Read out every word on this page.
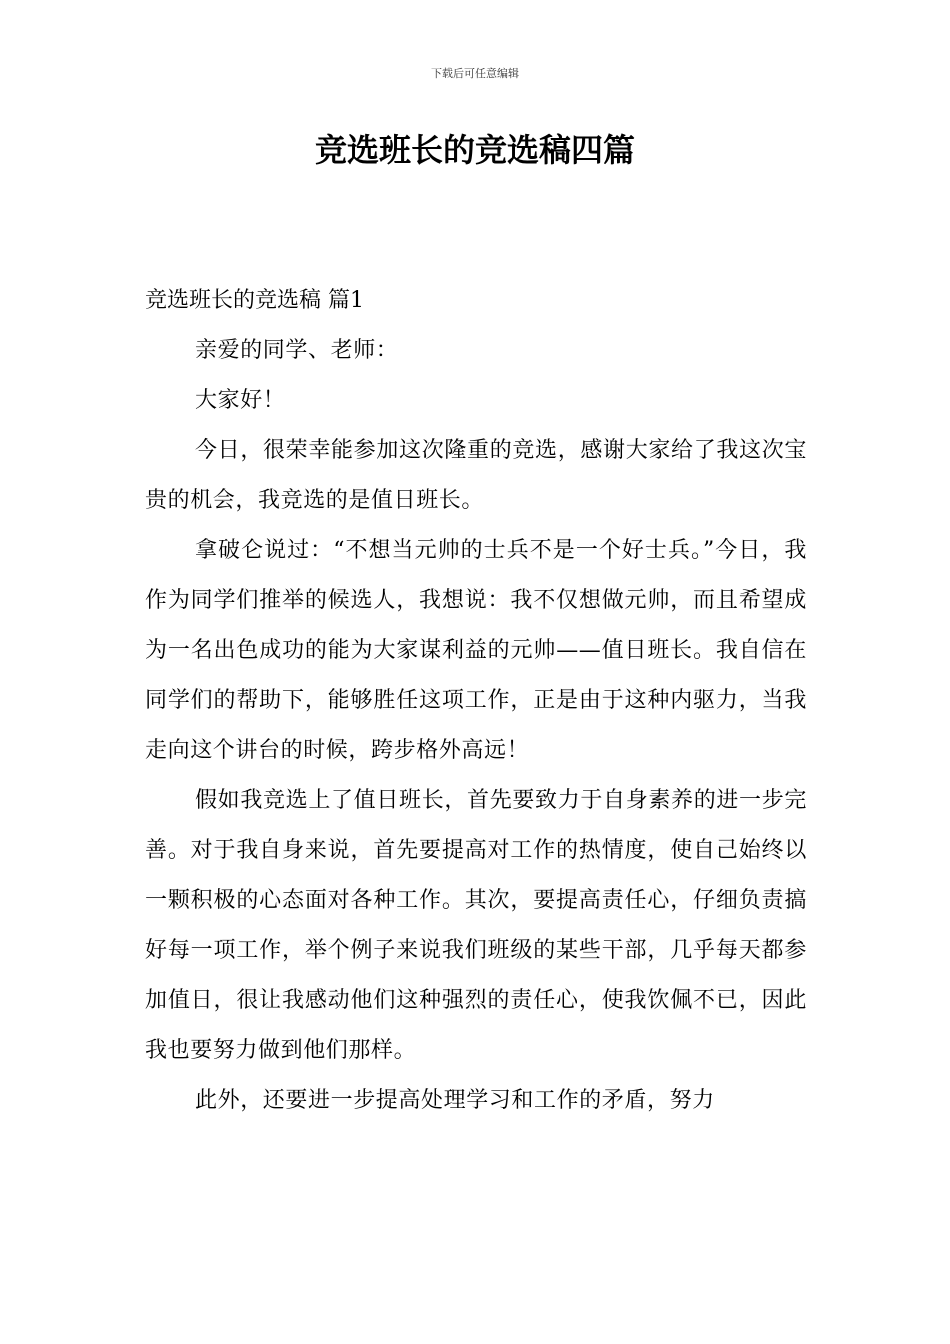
下载后可任意编辑
竞选班长的竞选稿四篇

竞选班长的竞选稿 篇1

亲爱的同学、老师：

大家好！

今日，很荣幸能参加这次隆重的竞选，感谢大家给了我这次宝贵的机会，我竞选的是值日班长。

拿破仑说过：“不想当元帅的士兵不是一个好士兵。”今日，我作为同学们推举的候选人，我想说：我不仅想做元帅，而且希望成为一名出色成功的能为大家谋利益的元帅——值日班长。我自信在同学们的帮助下，能够胜任这项工作，正是由于这种内驱力，当我走向这个讲台的时候，跨步格外高远！

假如我竞选上了值日班长，首先要致力于自身素养的进一步完善。对于我自身来说，首先要提高对工作的热情度，使自己始终以一颗积极的心态面对各种工作。其次，要提高责任心，仔细负责搞好每一项工作，举个例子来说我们班级的某些干部，几乎每天都参加值日，很让我感动他们这种强烈的责任心，使我饮佩不已，因此我也要努力做到他们那样。

此外，还要进一步提高处理学习和工作的矛盾，努力
